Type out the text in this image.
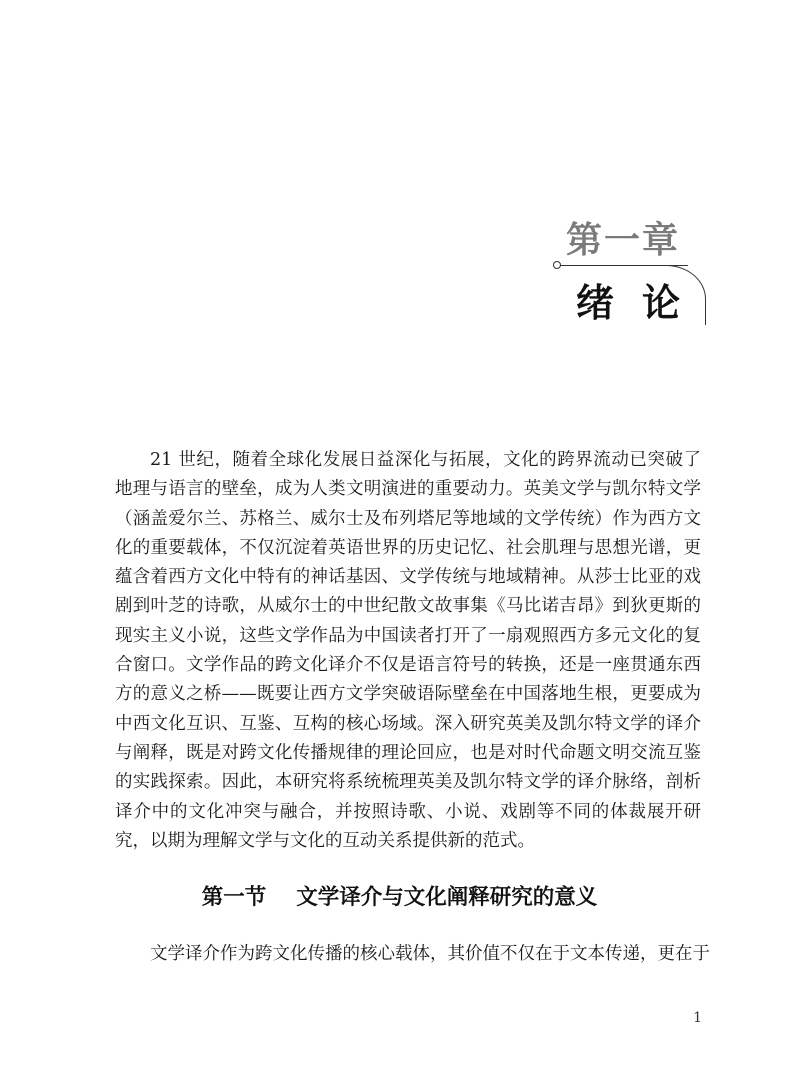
第一章
绪论

21 世纪，随着全球化发展日益深化与拓展，文化的跨界流动已突破了地理与语言的壁垒，成为人类文明演进的重要动力。英美文学与凯尔特文学（涵盖爱尔兰、苏格兰、威尔士及布列塔尼等地域的文学传统）作为西方文化的重要载体，不仅沉淀着英语世界的历史记忆、社会肌理与思想光谱，更蕴含着西方文化中特有的神话基因、文学传统与地域精神。从莎士比亚的戏剧到叶芝的诗歌，从威尔士的中世纪散文故事集《马比诺吉昂》到狄更斯的现实主义小说，这些文学作品为中国读者打开了一扇观照西方多元文化的复合窗口。文学作品的跨文化译介不仅是语言符号的转换，还是一座贯通东西方的意义之桥——既要让西方文学突破语际壁垒在中国落地生根，更要成为中西文化互识、互鉴、互构的核心场域。深入研究英美及凯尔特文学的译介与阐释，既是对跨文化传播规律的理论回应，也是对时代命题文明交流互鉴的实践探索。因此，本研究将系统梳理英美及凯尔特文学的译介脉络，剖析译介中的文化冲突与融合，并按照诗歌、小说、戏剧等不同的体裁展开研究，以期为理解文学与文化的互动关系提供新的范式。

第一节    文学译介与文化阐释研究的意义

文学译介作为跨文化传播的核心载体，其价值不仅在于文本传递，更在于

1
